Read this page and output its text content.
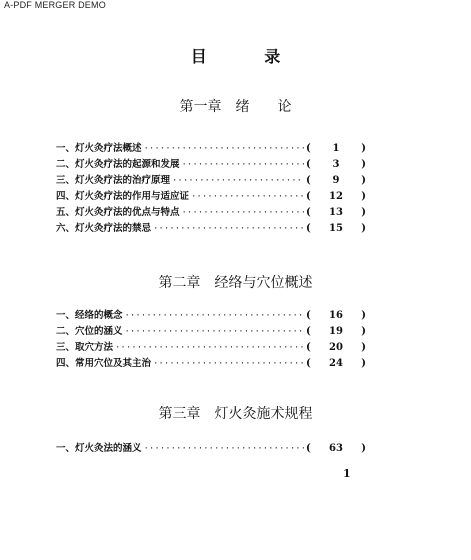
A-PDF MERGER DEMO
目 录
第一章　绪　　论
一、灯火灸疗法概述 ·····	(	1	)
二、灯火灸疗法的起源和发展 ·····	(	3	)
三、灯火灸疗法的治疗原理 ·····	(	9	)
四、灯火灸疗法的作用与适应证 ·····	(	12	)
五、灯火灸疗法的优点与特点 ·····	(	13	)
六、灯火灸疗法的禁忌 ·····	(	15	)
第二章　经络与穴位概述
一、经络的概念 ·····	(	16	)
二、穴位的涵义 ·····	(	19	)
三、取穴方法 ·····	(	20	)
四、常用穴位及其主治 ·····	(	24	)
第三章　灯火灸施术规程
一、灯火灸法的涵义 ·····	(	63	)
1
